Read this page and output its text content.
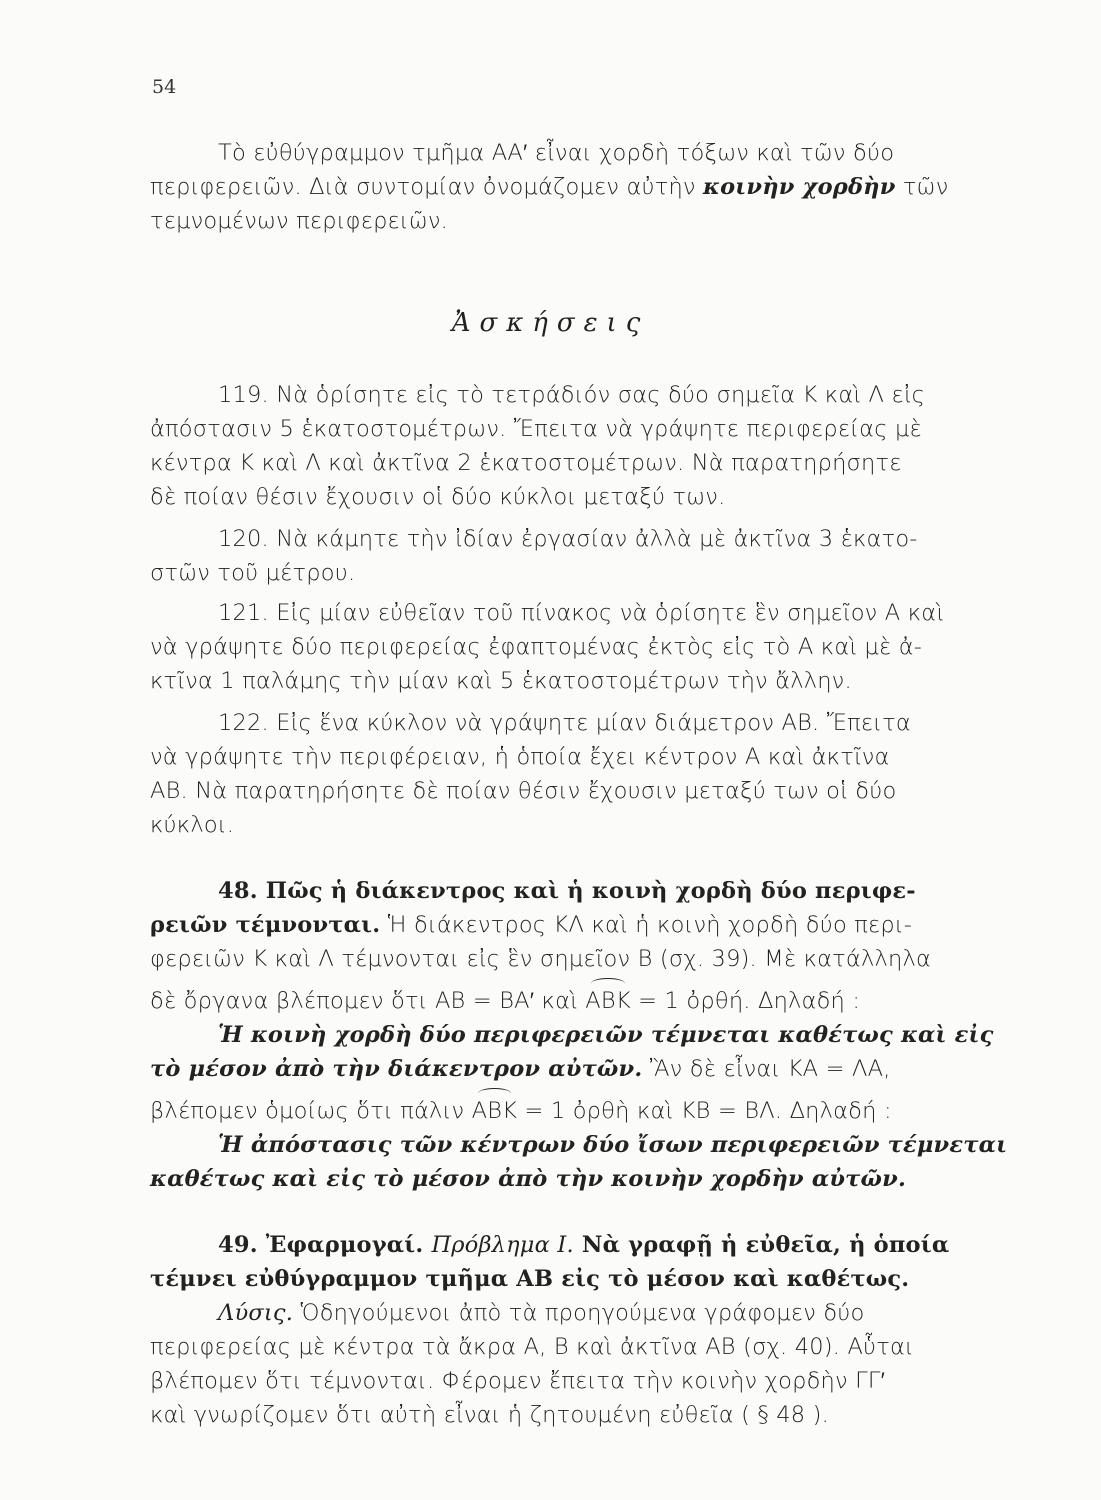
54
Τὸ εὐθύγραμμον τμῆμα ΑΑ′ εἶναι χορδὴ τόξων καὶ τῶν δύο
περιφερειῶν. Διὰ συντομίαν ὀνομάζομεν αὐτὴν κοινὴν χορδὴν τῶν
τεμνομένων περιφερειῶν.
Ἀσκήσεις
119. Νὰ ὁρίσητε εἰς τὸ τετράδιόν σας δύο σημεῖα Κ καὶ Λ εἰς
ἀπόστασιν 5 ἑκατοστομέτρων. Ἔπειτα νὰ γράψητε περιφερείας μὲ
κέντρα Κ καὶ Λ καὶ ἀκτῖνα 2 ἑκατοστομέτρων. Νὰ παρατηρήσητε
δὲ ποίαν θέσιν ἔχουσιν οἱ δύο κύκλοι μεταξύ των.
120. Νὰ κάμητε τὴν ἰδίαν ἐργασίαν ἀλλὰ μὲ ἀκτῖνα 3 ἑκατο-
στῶν τοῦ μέτρου.
121. Εἰς μίαν εὐθεῖαν τοῦ πίνακος νὰ ὁρίσητε ἓν σημεῖον Α καὶ
νὰ γράψητε δύο περιφερείας ἐφαπτομένας ἐκτὸς εἰς τὸ Α καὶ μὲ ἀ-
κτῖνα 1 παλάμης τὴν μίαν καὶ 5 ἑκατοστομέτρων τὴν ἄλλην.
122. Εἰς ἕνα κύκλον νὰ γράψητε μίαν διάμετρον ΑΒ. Ἔπειτα
νὰ γράψητε τὴν περιφέρειαν, ἡ ὁποία ἔχει κέντρον Α καὶ ἀκτῖνα
ΑΒ. Νὰ παρατηρήσητε δὲ ποίαν θέσιν ἔχουσιν μεταξύ των οἱ δύο
κύκλοι.
48. Πῶς ἡ διάκεντρος καὶ ἡ κοινὴ χορδὴ δύο περιφε-
ρειῶν τέμνονται. Ἡ διάκεντρος ΚΛ καὶ ἡ κοινὴ χορδὴ δύο περι-
φερειῶν Κ καὶ Λ τέμνονται εἰς ἓν σημεῖον Β (σχ. 39). Μὲ κατάλληλα
δὲ ὄργανα βλέπομεν ὅτι ΑΒ = ΒΑ′ καὶ ΑΒΚ = 1 ὀρθή. Δηλαδή :
Ἡ κοινὴ χορδὴ δύο περιφερειῶν τέμνεται καθέτως καὶ εἰς
τὸ μέσον ἀπὸ τὴν διάκεντρον αὐτῶν. Ἂν δὲ εἶναι ΚΑ = ΛΑ,
βλέπομεν ὁμοίως ὅτι πάλιν ΑΒΚ = 1 ὀρθὴ καὶ ΚΒ = ΒΛ. Δηλαδή :
Ἡ ἀπόστασις τῶν κέντρων δύο ἴσων περιφερειῶν τέμνεται
καθέτως καὶ εἰς τὸ μέσον ἀπὸ τὴν κοινὴν χορδὴν αὐτῶν.
49. Ἐφαρμογαί. Πρόβλημα Ι. Νὰ γραφῇ ἡ εὐθεῖα, ἡ ὁποία
τέμνει εὐθύγραμμον τμῆμα ΑΒ εἰς τὸ μέσον καὶ καθέτως.
Λύσις. Ὁδηγούμενοι ἀπὸ τὰ προηγούμενα γράφομεν δύο
περιφερείας μὲ κέντρα τὰ ἄκρα Α, Β καὶ ἀκτῖνα ΑΒ (σχ. 40). Αὗται
βλέπομεν ὅτι τέμνονται. Φέρομεν ἔπειτα τὴν κοινὴν χορδὴν ΓΓ′
καὶ γνωρίζομεν ὅτι αὐτὴ εἶναι ἡ ζητουμένη εὐθεῖα ( § 48 ).
